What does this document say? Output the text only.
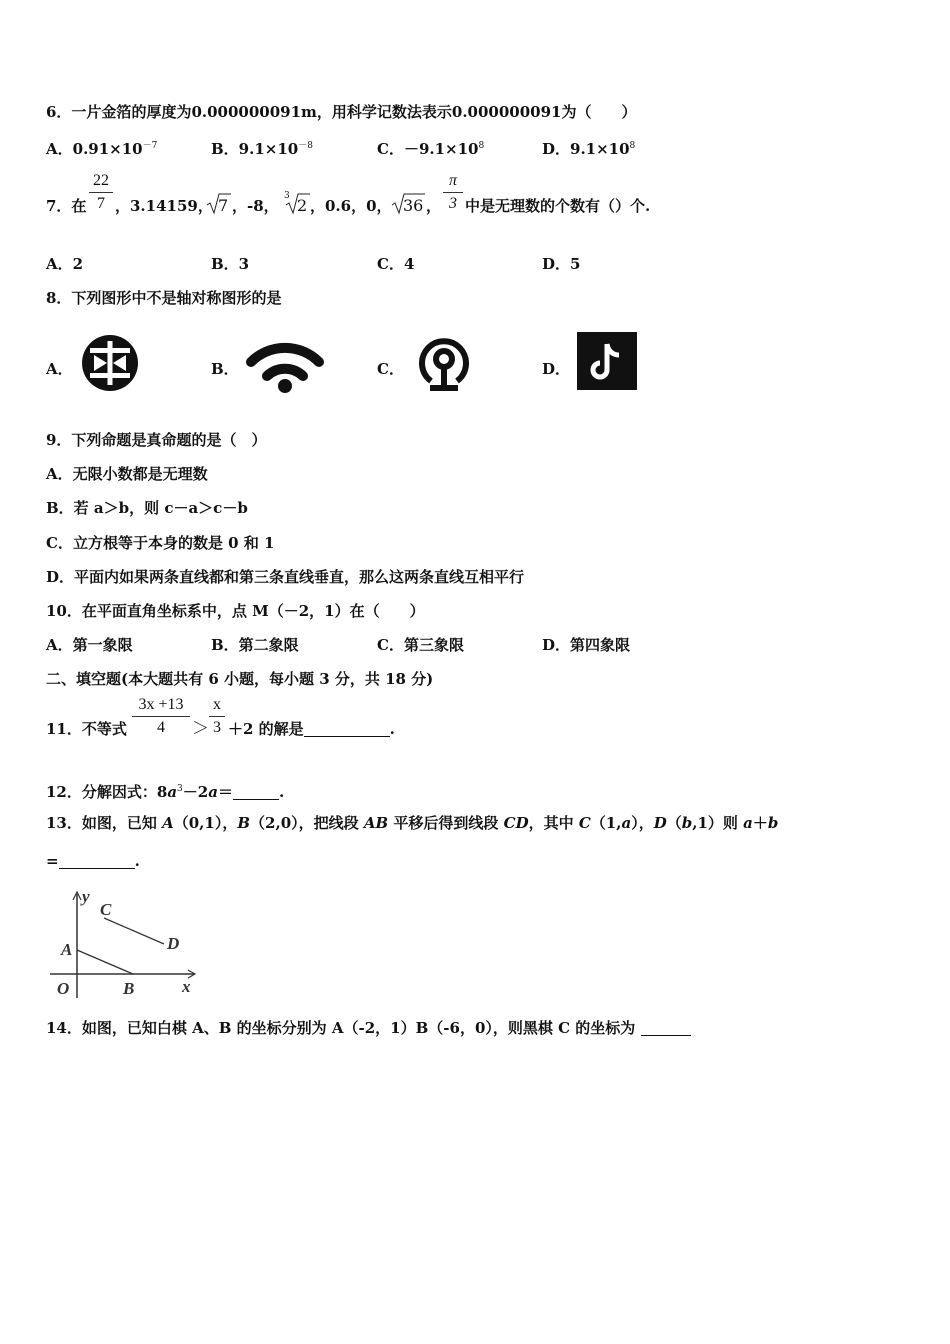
6．一片金箔的厚度为0.000000091m，用科学记数法表示0.000000091为（　　）
A．$0.91\times 10^{-7}$	B．$9.1\times 10^{-8}$	C．$-9.1\times 10^8$	D．$9.1\times 10^8$
7．在 $\frac{22}{7}$ ，3.14159， 7 ，-8，
3 2 ，0.6，0， 36 ， $\frac{\pi}{3}$ 中是无理数的个数有（）个.
A．2	B．3	C．4	D．5
8．下列图形中不是轴对称图形的是
A．	B．	C．	D．
9．下列命题是真命题的是（　）
A．无限小数都是无理数
B．若 a＞b，则 c－a＞c－b
C．立方根等于本身的数是 0 和 1
D．平面内如果两条直线都和第三条直线垂直，那么这两条直线互相平行
10．在平面直角坐标系中，点 M（－2，1）在（　　）
A．第一象限	B．第二象限	C．第三象限	D．第四象限
二、填空题(本大题共有 6 小题，每小题 3 分，共 18 分)
11．不等式 $\frac{3x +13}{4} > \frac{x}{3} +2$ 的解是	.
12．分解因式：$8a^3-2a=$	.
13．如图，已知 A（0,1），B（2,0），把线段 AB 平移后得到线段 CD，其中 C（1,a），D（b,1）则 a＋b
=	.
y
x
O
A
B
C
D
14．如图，已知白棋 A、B 的坐标分别为 A（-2，1）B（-6，0），则黑棋 C 的坐标为
